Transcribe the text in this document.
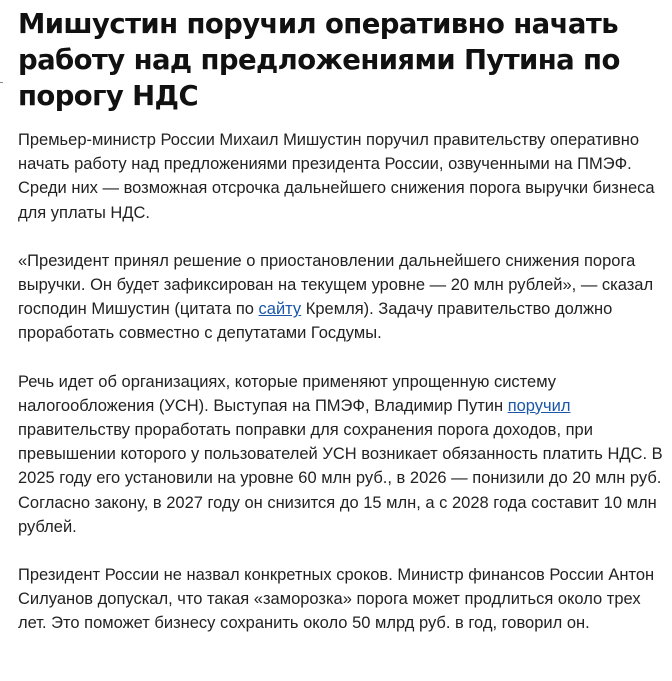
Мишустин поручил оперативно начать работу над предложениями Путина по порогу НДС

Премьер-министр России Михаил Мишустин поручил правительству оперативно начать работу над предложениями президента России, озвученными на ПМЭФ. Среди них — возможная отсрочка дальнейшего снижения порога выручки бизнеса для уплаты НДС.

«Президент принял решение о приостановлении дальнейшего снижения порога выручки. Он будет зафиксирован на текущем уровне — 20 млн рублей», — сказал господин Мишустин (цитата по сайту Кремля). Задачу правительство должно проработать совместно с депутатами Госдумы.

Речь идет об организациях, которые применяют упрощенную систему налогообложения (УСН). Выступая на ПМЭФ, Владимир Путин поручил правительству проработать поправки для сохранения порога доходов, при превышении которого у пользователей УСН возникает обязанность платить НДС. В 2025 году его установили на уровне 60 млн руб., в 2026 — понизили до 20 млн руб. Согласно закону, в 2027 году он снизится до 15 млн, а с 2028 года составит 10 млн рублей.

Президент России не назвал конкретных сроков. Министр финансов России Антон Силуанов допускал, что такая «заморозка» порога может продлиться около трех лет. Это поможет бизнесу сохранить около 50 млрд руб. в год, говорил он.
